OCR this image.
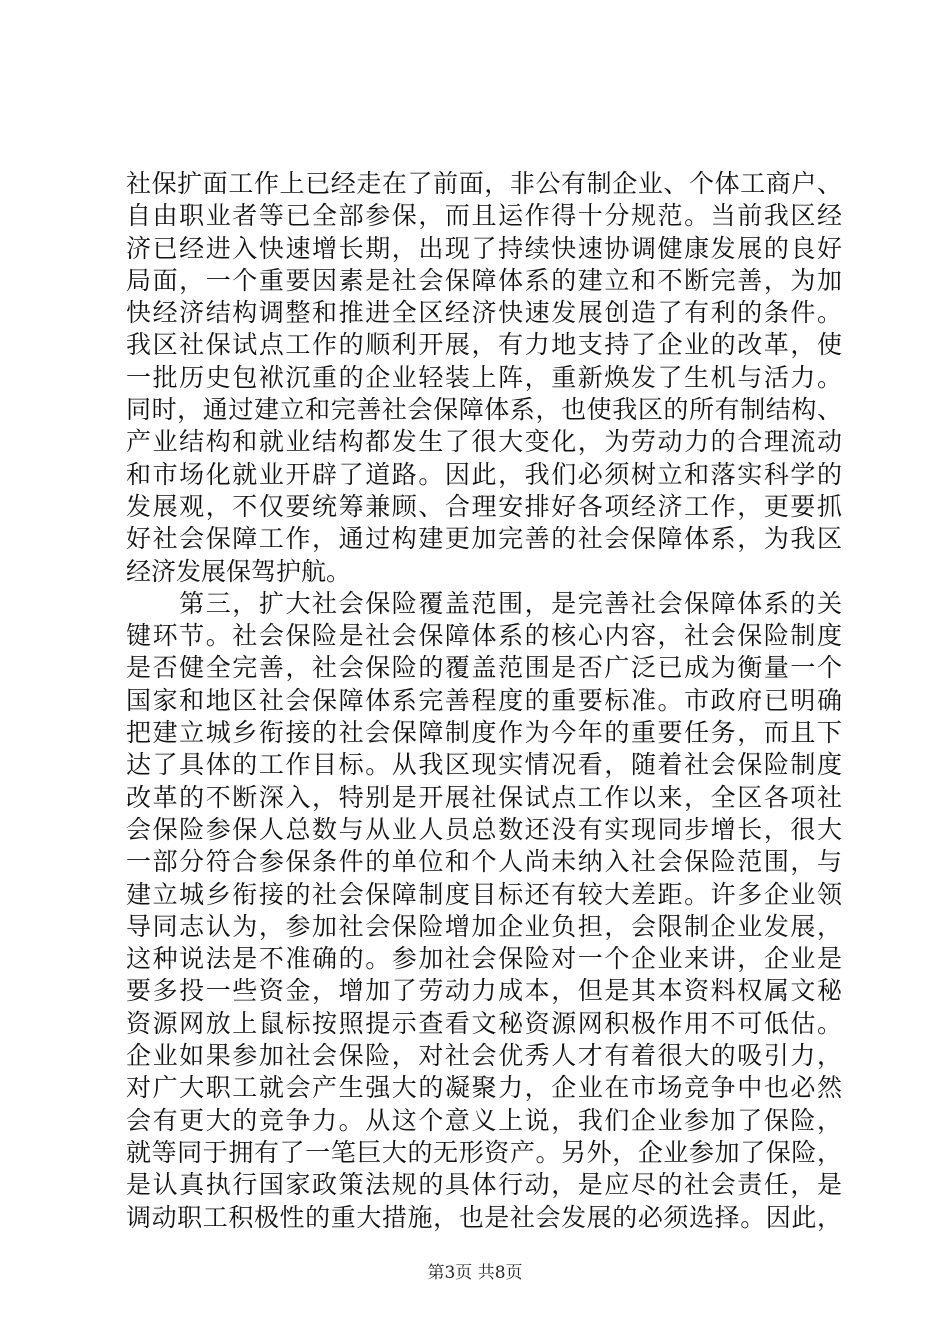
社保扩面工作上已经走在了前面，非公有制企业、个体工商户、
自由职业者等已全部参保，而且运作得十分规范。当前我区经
济已经进入快速增长期，出现了持续快速协调健康发展的良好
局面，一个重要因素是社会保障体系的建立和不断完善，为加
快经济结构调整和推进全区经济快速发展创造了有利的条件。
我区社保试点工作的顺利开展，有力地支持了企业的改革，使
一批历史包袱沉重的企业轻装上阵，重新焕发了生机与活力。
同时，通过建立和完善社会保障体系，也使我区的所有制结构、
产业结构和就业结构都发生了很大变化，为劳动力的合理流动
和市场化就业开辟了道路。因此，我们必须树立和落实科学的
发展观，不仅要统筹兼顾、合理安排好各项经济工作，更要抓
好社会保障工作，通过构建更加完善的社会保障体系，为我区
经济发展保驾护航。
　　第三，扩大社会保险覆盖范围，是完善社会保障体系的关
键环节。社会保险是社会保障体系的核心内容，社会保险制度
是否健全完善，社会保险的覆盖范围是否广泛已成为衡量一个
国家和地区社会保障体系完善程度的重要标准。市政府已明确
把建立城乡衔接的社会保障制度作为今年的重要任务，而且下
达了具体的工作目标。从我区现实情况看，随着社会保险制度
改革的不断深入，特别是开展社保试点工作以来，全区各项社
会保险参保人总数与从业人员总数还没有实现同步增长，很大
一部分符合参保条件的单位和个人尚未纳入社会保险范围，与
建立城乡衔接的社会保障制度目标还有较大差距。许多企业领
导同志认为，参加社会保险增加企业负担，会限制企业发展，
这种说法是不准确的。参加社会保险对一个企业来讲，企业是
要多投一些资金，增加了劳动力成本，但是其本资料权属文秘
资源网放上鼠标按照提示查看文秘资源网积极作用不可低估。
企业如果参加社会保险，对社会优秀人才有着很大的吸引力，
对广大职工就会产生强大的凝聚力，企业在市场竞争中也必然
会有更大的竞争力。从这个意义上说，我们企业参加了保险，
就等同于拥有了一笔巨大的无形资产。另外，企业参加了保险，
是认真执行国家政策法规的具体行动，是应尽的社会责任，是
调动职工积极性的重大措施，也是社会发展的必须选择。因此，
第3页 共8页
